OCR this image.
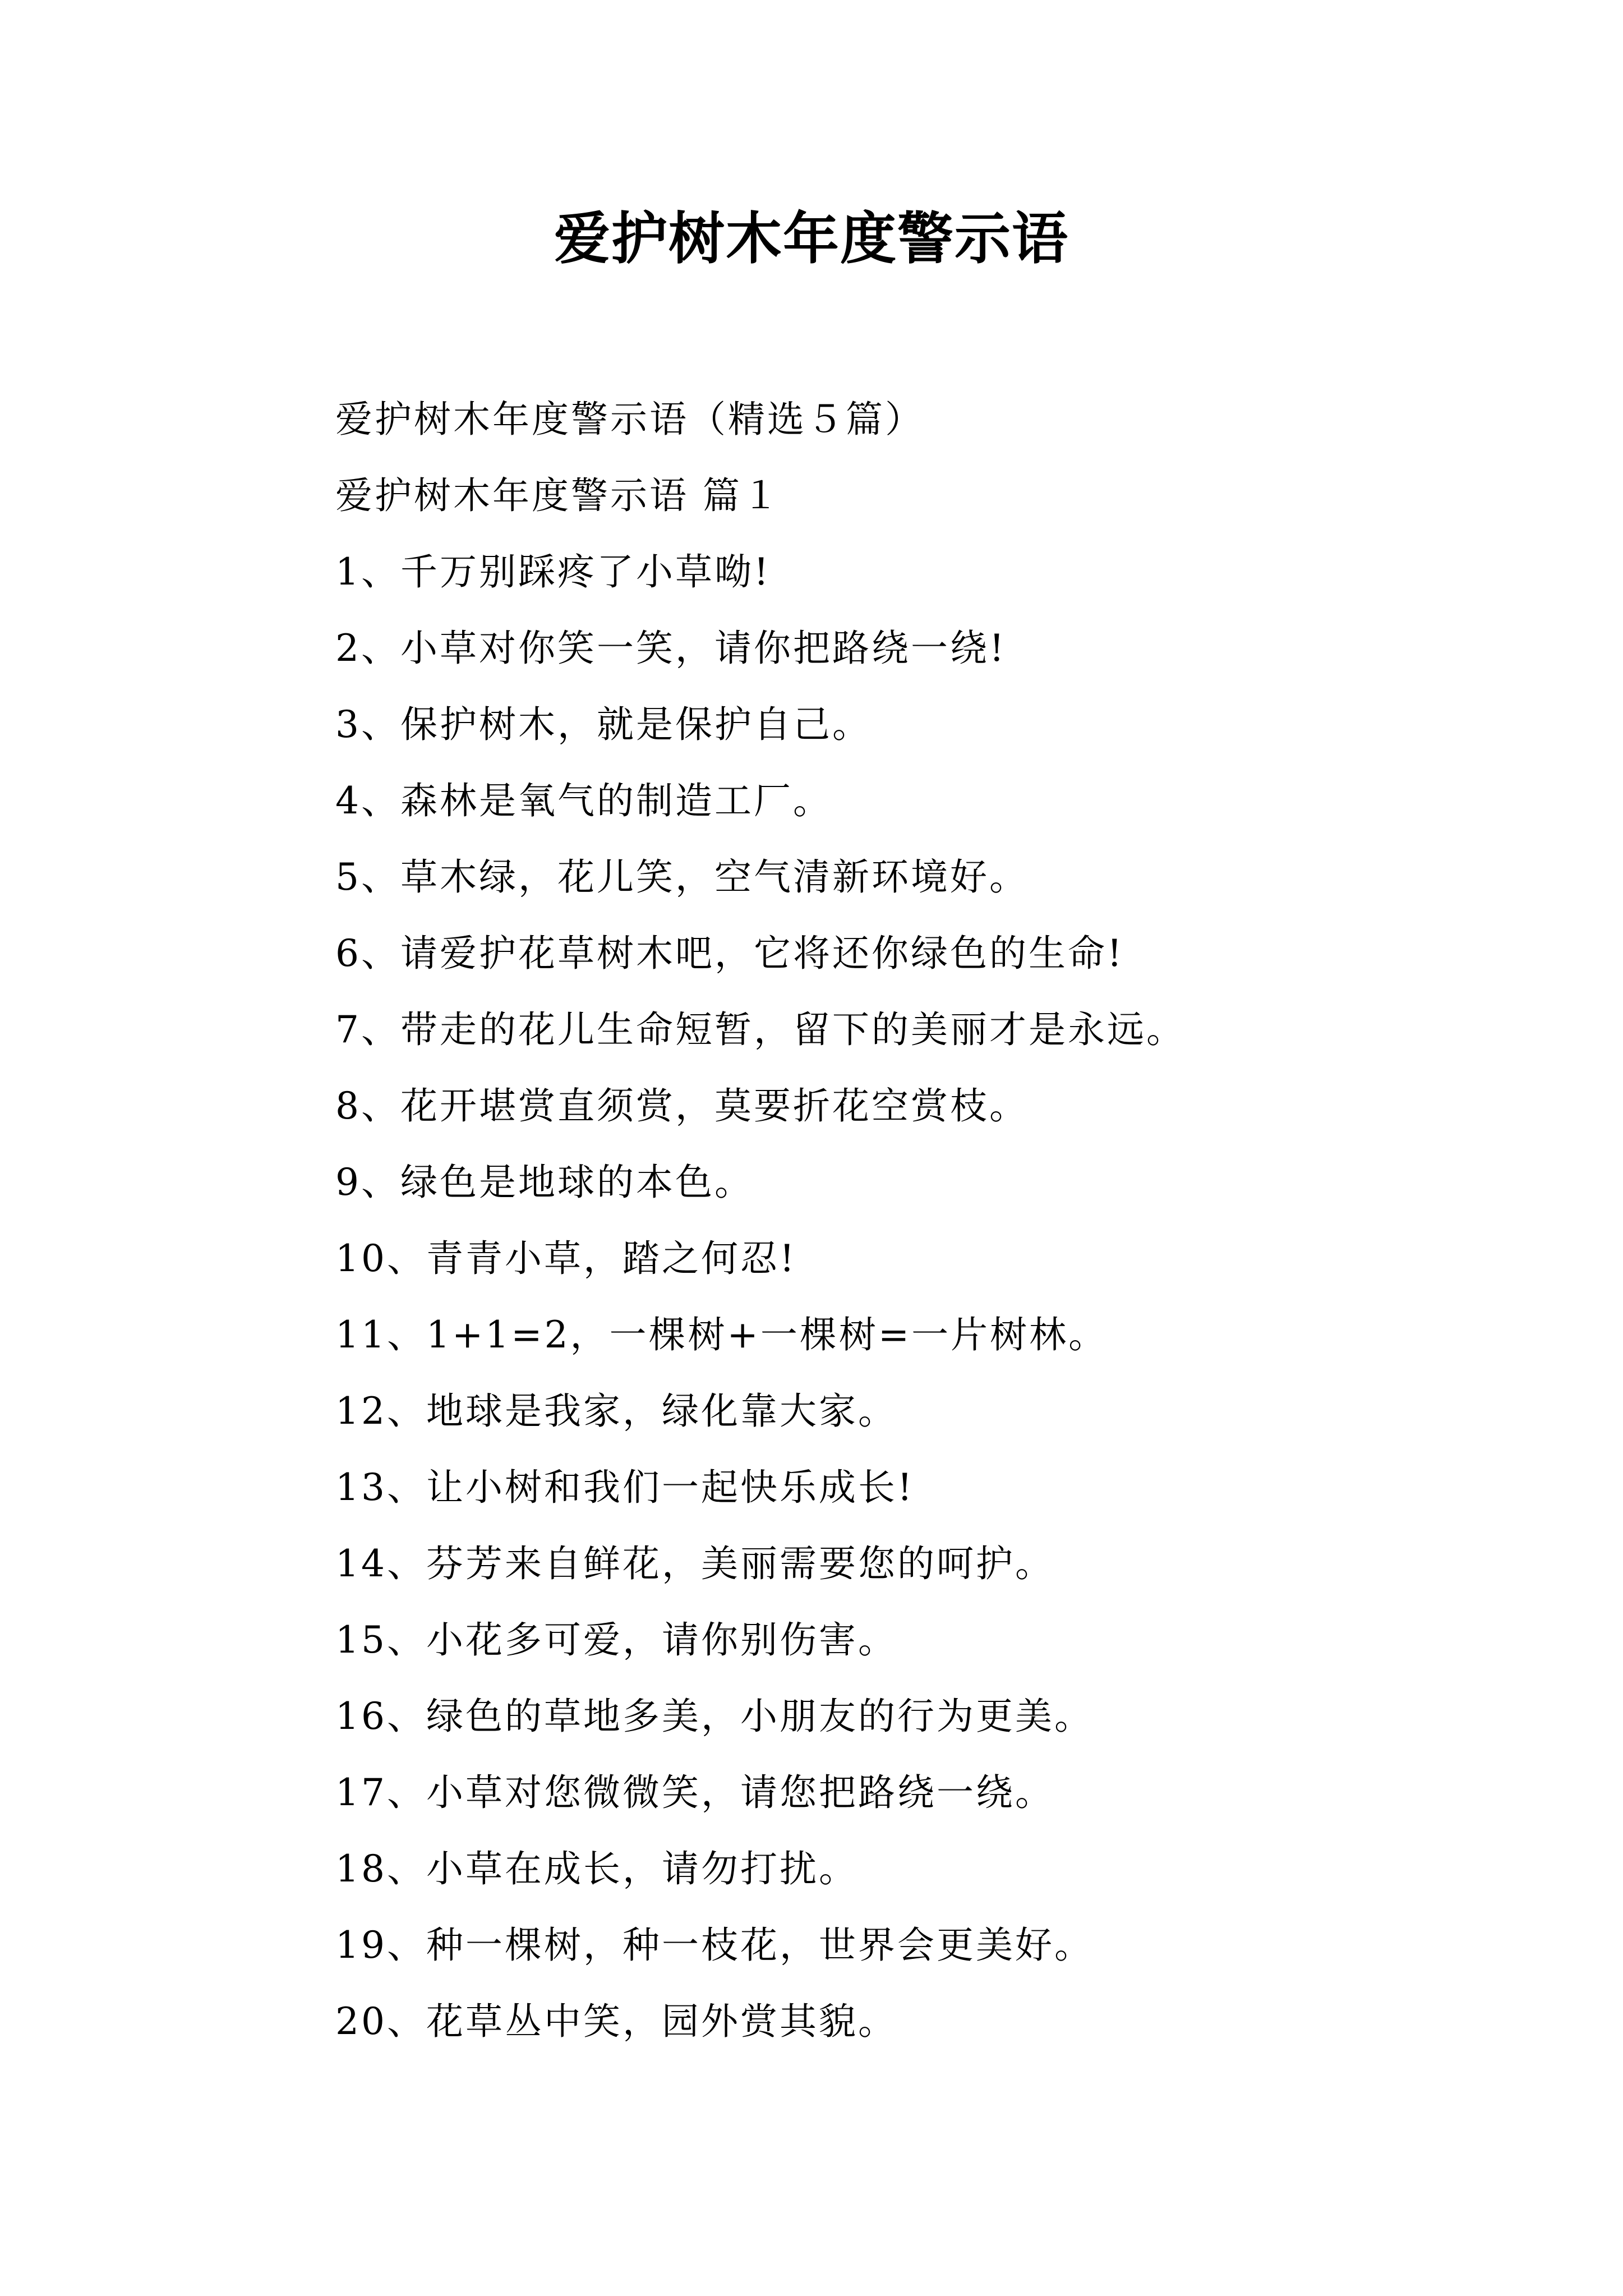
爱护树木年度警示语
爱护树木年度警示语（精选５篇）
爱护树木年度警示语 篇１
1、千万别踩疼了小草呦!
2、小草对你笑一笑，请你把路绕一绕!
3、保护树木，就是保护自己。
4、森林是氧气的制造工厂。
5、草木绿，花儿笑，空气清新环境好。
6、请爱护花草树木吧，它将还你绿色的生命!
7、带走的花儿生命短暂，留下的美丽才是永远。
8、花开堪赏直须赏，莫要折花空赏枝。
9、绿色是地球的本色。
10、青青小草，踏之何忍!
11、1+1=2，一棵树+一棵树=一片树林。
12、地球是我家，绿化靠大家。
13、让小树和我们一起快乐成长!
14、芬芳来自鲜花，美丽需要您的呵护。
15、小花多可爱，请你别伤害。
16、绿色的草地多美，小朋友的行为更美。
17、小草对您微微笑，请您把路绕一绕。
18、小草在成长，请勿打扰。
19、种一棵树，种一枝花，世界会更美好。
20、花草丛中笑，园外赏其貌。
